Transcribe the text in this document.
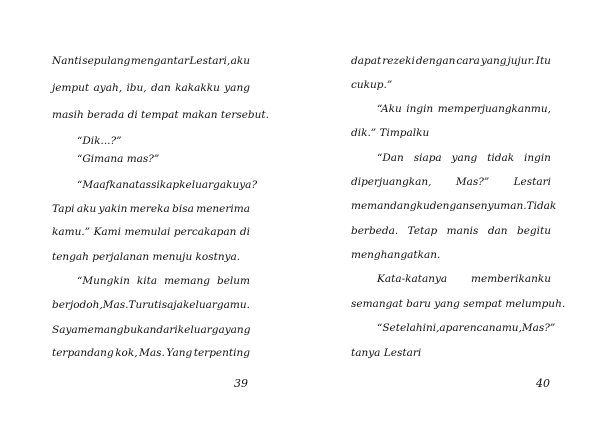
Nanti sepulang mengantar Lestari, aku
jemput ayah, ibu, dan kakakku yang
masih berada di tempat makan tersebut.
“Dik...?”
“Gimana mas?”
“Maafkan atas sikap keluargaku ya?
Tapi aku yakin mereka bisa menerima
kamu.” Kami memulai percakapan di
tengah perjalanan menuju kostnya.
“Mungkin kita memang belum
berjodoh, Mas. Turuti saja keluargamu.
Saya memang bukan dari keluarga yang
terpandang kok, Mas. Yang terpenting
39
dapat rezeki dengan cara yang jujur. Itu
cukup.”
“Aku ingin memperjuangkanmu,
dik.” Timpalku
“Dan siapa yang tidak ingin
diperjuangkan, Mas?” Lestari
memandangku dengan senyuman. Tidak
berbeda. Tetap manis dan begitu
menghangatkan.
Kata-katanya memberikanku
semangat baru yang sempat melumpuh.
“Setelah ini, apa rencanamu, Mas?”
tanya Lestari
40
